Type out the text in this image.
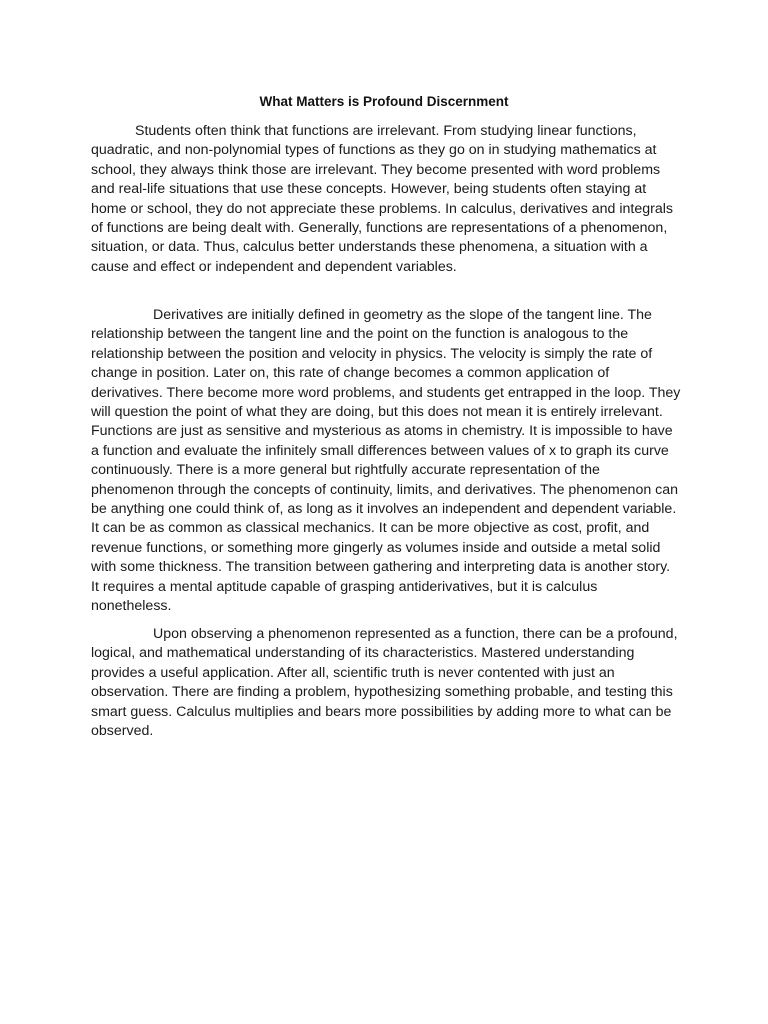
What Matters is Profound Discernment

Students often think that functions are irrelevant. From studying linear functions, quadratic, and non-polynomial types of functions as they go on in studying mathematics at school, they always think those are irrelevant. They become presented with word problems and real-life situations that use these concepts. However, being students often staying at home or school, they do not appreciate these problems. In calculus, derivatives and integrals of functions are being dealt with. Generally, functions are representations of a phenomenon, situation, or data. Thus, calculus better understands these phenomena, a situation with a cause and effect or independent and dependent variables.

Derivatives are initially defined in geometry as the slope of the tangent line. The relationship between the tangent line and the point on the function is analogous to the relationship between the position and velocity in physics. The velocity is simply the rate of change in position. Later on, this rate of change becomes a common application of derivatives. There become more word problems, and students get entrapped in the loop. They will question the point of what they are doing, but this does not mean it is entirely irrelevant. Functions are just as sensitive and mysterious as atoms in chemistry. It is impossible to have a function and evaluate the infinitely small differences between values of x to graph its curve continuously. There is a more general but rightfully accurate representation of the phenomenon through the concepts of continuity, limits, and derivatives. The phenomenon can be anything one could think of, as long as it involves an independent and dependent variable. It can be as common as classical mechanics. It can be more objective as cost, profit, and revenue functions, or something more gingerly as volumes inside and outside a metal solid with some thickness. The transition between gathering and interpreting data is another story. It requires a mental aptitude capable of grasping antiderivatives, but it is calculus nonetheless.

Upon observing a phenomenon represented as a function, there can be a profound, logical, and mathematical understanding of its characteristics. Mastered understanding provides a useful application. After all, scientific truth is never contented with just an observation. There are finding a problem, hypothesizing something probable, and testing this smart guess. Calculus multiplies and bears more possibilities by adding more to what can be observed.
